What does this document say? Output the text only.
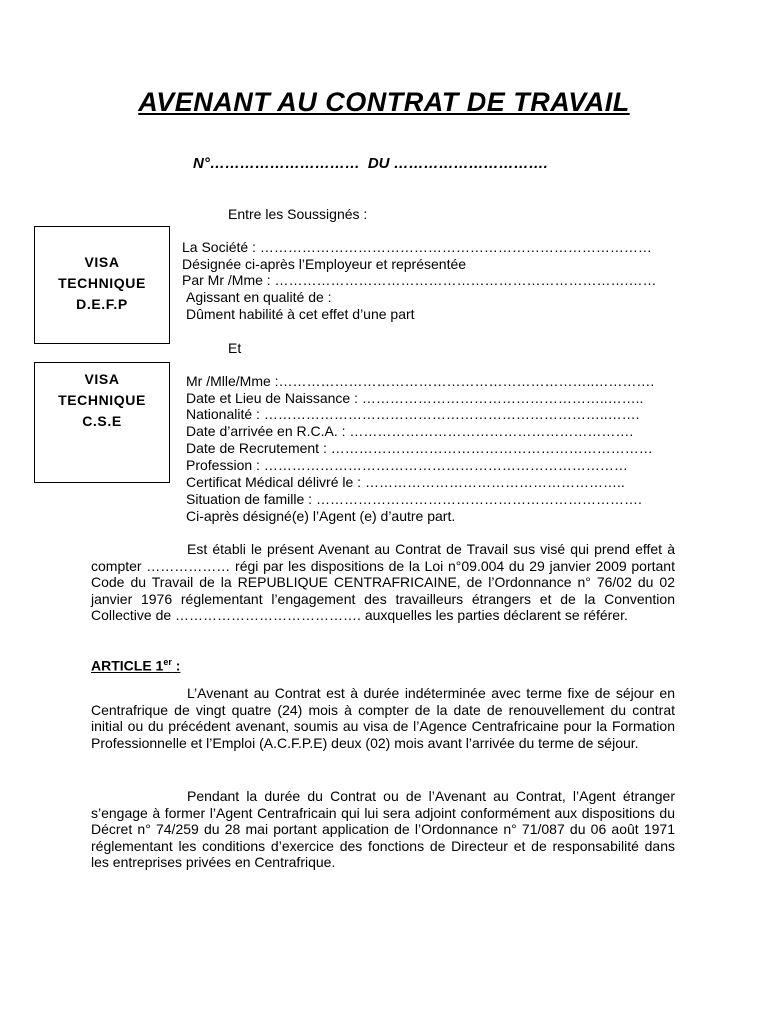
AVENANT AU CONTRAT DE TRAVAIL
N°………………………… DU ………………………….
Entre les Soussignés :
VISA
TECHNIQUE
D.E.F.P
La Société : …………………………………………………………………………
Désignée ci-après l’Employeur et représentée
Par Mr /Mme : ………………………………………………………………….……
Agissant en qualité de :
Dûment habilité à cet effet d’une part
Et
VISA
TECHNIQUE
C.S.E
Mr /Mlle/Mme :…………………………………………………………..………….
Date et Lieu de Naissance : ……………………………………………..……..
Nationalité : ………………………………………………………………..…….
Date d’arrivée en R.C.A. : …………………………………………………….
Date de Recrutement : ……………………………………………………………
Profession : ……………………………………………………………………
Certificat Médical délivré le : ………………………………………………..
Situation de famille : …………………………………………………………….
Ci-après désigné(e) l’Agent (e) d’autre part.

Est établi le présent Avenant au Contrat de Travail sus visé qui prend effet à compter ……………… régi par les dispositions de la Loi n°09.004 du 29 janvier 2009 portant Code du Travail de la REPUBLIQUE CENTRAFRICAINE, de l’Ordonnance n° 76/02 du 02 janvier 1976 réglementant l’engagement des travailleurs étrangers et de la Convention Collective de …………………………………. auxquelles les parties déclarent se référer.

ARTICLE 1er :

L’Avenant au Contrat est à durée indéterminée avec terme fixe de séjour en Centrafrique de vingt quatre (24) mois à compter de la date de renouvellement du contrat initial ou du précédent avenant, soumis au visa de l’Agence Centrafricaine pour la Formation Professionnelle et l’Emploi (A.C.F.P.E) deux (02) mois avant l’arrivée du terme de séjour.

Pendant la durée du Contrat ou de l’Avenant au Contrat, l’Agent étranger s’engage à former l’Agent Centrafricain qui lui sera adjoint conformément aux dispositions du Décret n° 74/259 du 28 mai portant application de l’Ordonnance n° 71/087 du 06 août 1971 réglementant les conditions d’exercice des fonctions de Directeur et de responsabilité dans les entreprises privées en Centrafrique.
